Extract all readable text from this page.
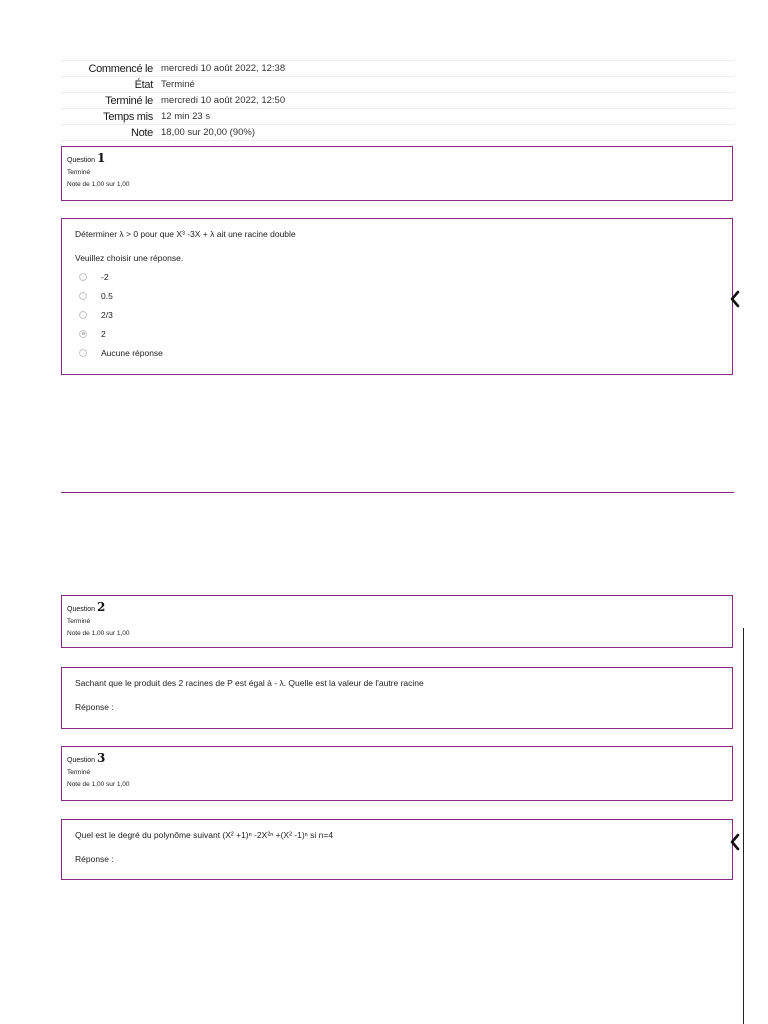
Commencé le mercredi 10 août 2022, 12:38
État Terminé
Terminé le mercredi 10 août 2022, 12:50
Temps mis 12 min 23 s
Note 18,00 sur 20,00 (90%)
Question 1
Terminé
Note de 1,00 sur 1,00
Déterminer λ > 0 pour que X³ -3X + λ ait une racine double
Veuillez choisir une réponse.
-2
0.5
2/3
2
Aucune réponse
Question 2
Terminé
Note de 1,00 sur 1,00
Sachant que le produit des 2 racines de P est égal à - λ. Quelle est la valeur de l'autre racine
Réponse :
Question 3
Terminé
Note de 1,00 sur 1,00
Quel est le degré du polynôme suivant (X² +1)ⁿ -2X²ⁿ +(X² -1)ⁿ si n=4
Réponse :
